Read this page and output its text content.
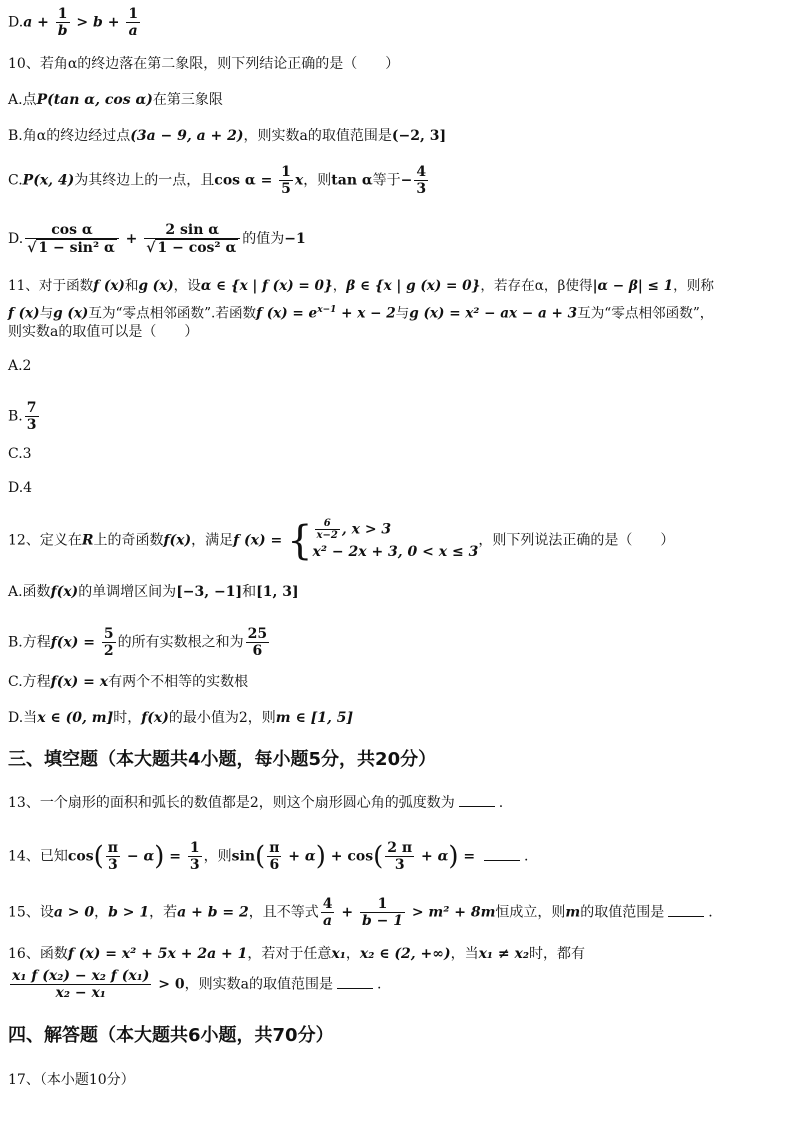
$D.a + \frac{1}{b} > b + \frac{1}{a}$
10、若角α的终边落在第二象限，则下列结论正确的是（　　）
A.点P(tan α, cos α)在第三象限
B.角α的终边经过点(3a − 9, a + 2)，则实数a的取值范围是(−2, 3]
C.P(x, 4)为其终边上的一点，且$\cos \alpha = \frac{1}{5}$ x，则tan α等于− $\frac{4}{3}$
D. $\frac{\text{cos α}}{\text{√ 1 − sin² α}} + \frac{\text{2 sin α}}{\text{√ 1 − cos² α}}$ 的值为−1
11、对于函数f (x)和g (x)，设α ∈ {x | f (x) = 0}，β ∈ {x | g (x) = 0}，若存在α，β使得|α − β| ≤ 1，则称
f (x)与g (x)互为“零点相邻函数”.若函数f $(x) = e^{x-1} + x - 2$与g (x) = x² − ax − a + 3互为“零点相邻函数”，
则实数a的取值可以是（　　）
A.2
B. $\frac{7}{3}$
C.3
D.4
12、定义在R上的奇函数f(x)，满足f (x) = { $\frac{6}{x-2}$ , x > 3
x² − 2x + 3, 0 < x ≤ 3
，则下列说法正确的是（　　）
A.函数f(x)的单调增区间为[−3, −1]和[1, 3]
B.方程$f(x) = \frac{5}{2}$ 的所有实数根之和为 $\frac{25}{6}$
C.方程f(x) = x有两个不相等的实数根
D.当x ∈ (0, m]时，f(x)的最小值为2，则m ∈ [1, 5]
三、填空题（本大题共4小题，每小题5分，共20分）
13、一个扇形的面积和弧长的数值都是2，则这个扇形圆心角的弧度数为	.
14、已知$\cos( \frac{\pi}{3} - \alpha) = \frac{1}{3}$ ，则$\sin( \frac{\pi}{6} + \alpha) + \cos( \frac{2 \pi}{3} + \alpha)$ =	.
15、设a > 0，b > 1，若a + b = 2，且不等式 $\frac{4}{a} + \frac{1}{b - 1} > m^2 + 8m$恒成立，则m的取值范围是	.
16、函数f (x) = x² + 5x + 2a + 1，若对于任意x₁，x₂ ∈ (2, +∞)，当x₁ ≠ x₂时，都有
$\frac{\text{x₁ f (x₂) − x₂ f (x₁)}}{\text{x₂ − x₁}} > 0$，则实数a的取值范围是	.
四、解答题（本大题共6小题，共70分）
17、（本小题10分）
